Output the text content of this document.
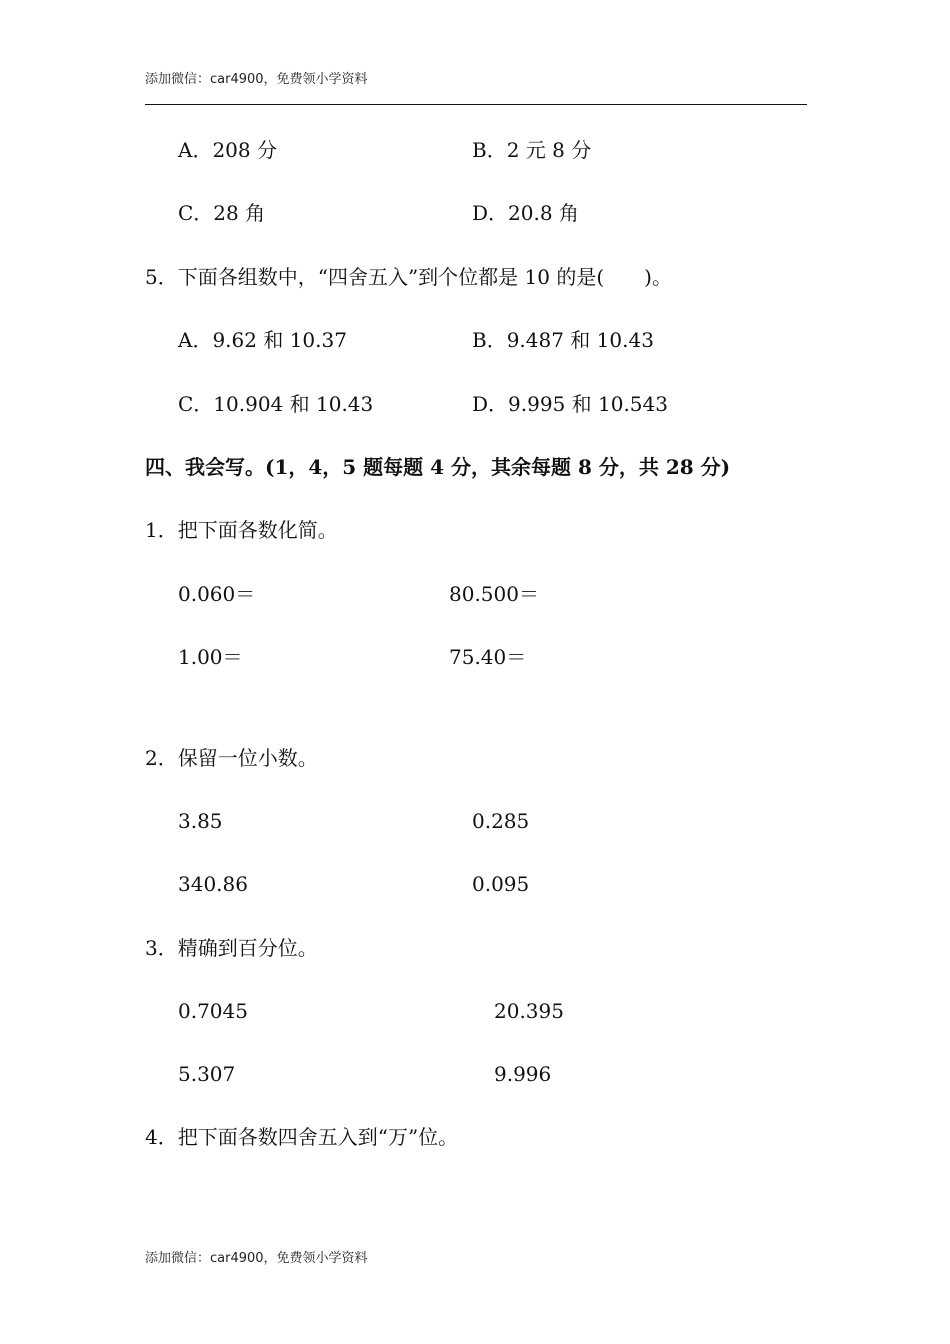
添加微信：car4900，免费领小学资料
A．208 分	B．2 元 8 分
C．28 角	D．20.8 角
5．下面各组数中，“四舍五入”到个位都是 10 的是(　　)。
A．9.62 和 10.37	B．9.487 和 10.43
C．10.904 和 10.43	D．9.995 和 10.543
四、我会写。(1，4，5 题每题 4 分，其余每题 8 分，共 28 分)
1．把下面各数化简。
0.060＝	80.500＝
1.00＝	75.40＝
2．保留一位小数。
3.85	0.285
340.86	0.095
3．精确到百分位。
0.7045	20.395
5.307	9.996
4．把下面各数四舍五入到“万”位。
添加微信：car4900，免费领小学资料
